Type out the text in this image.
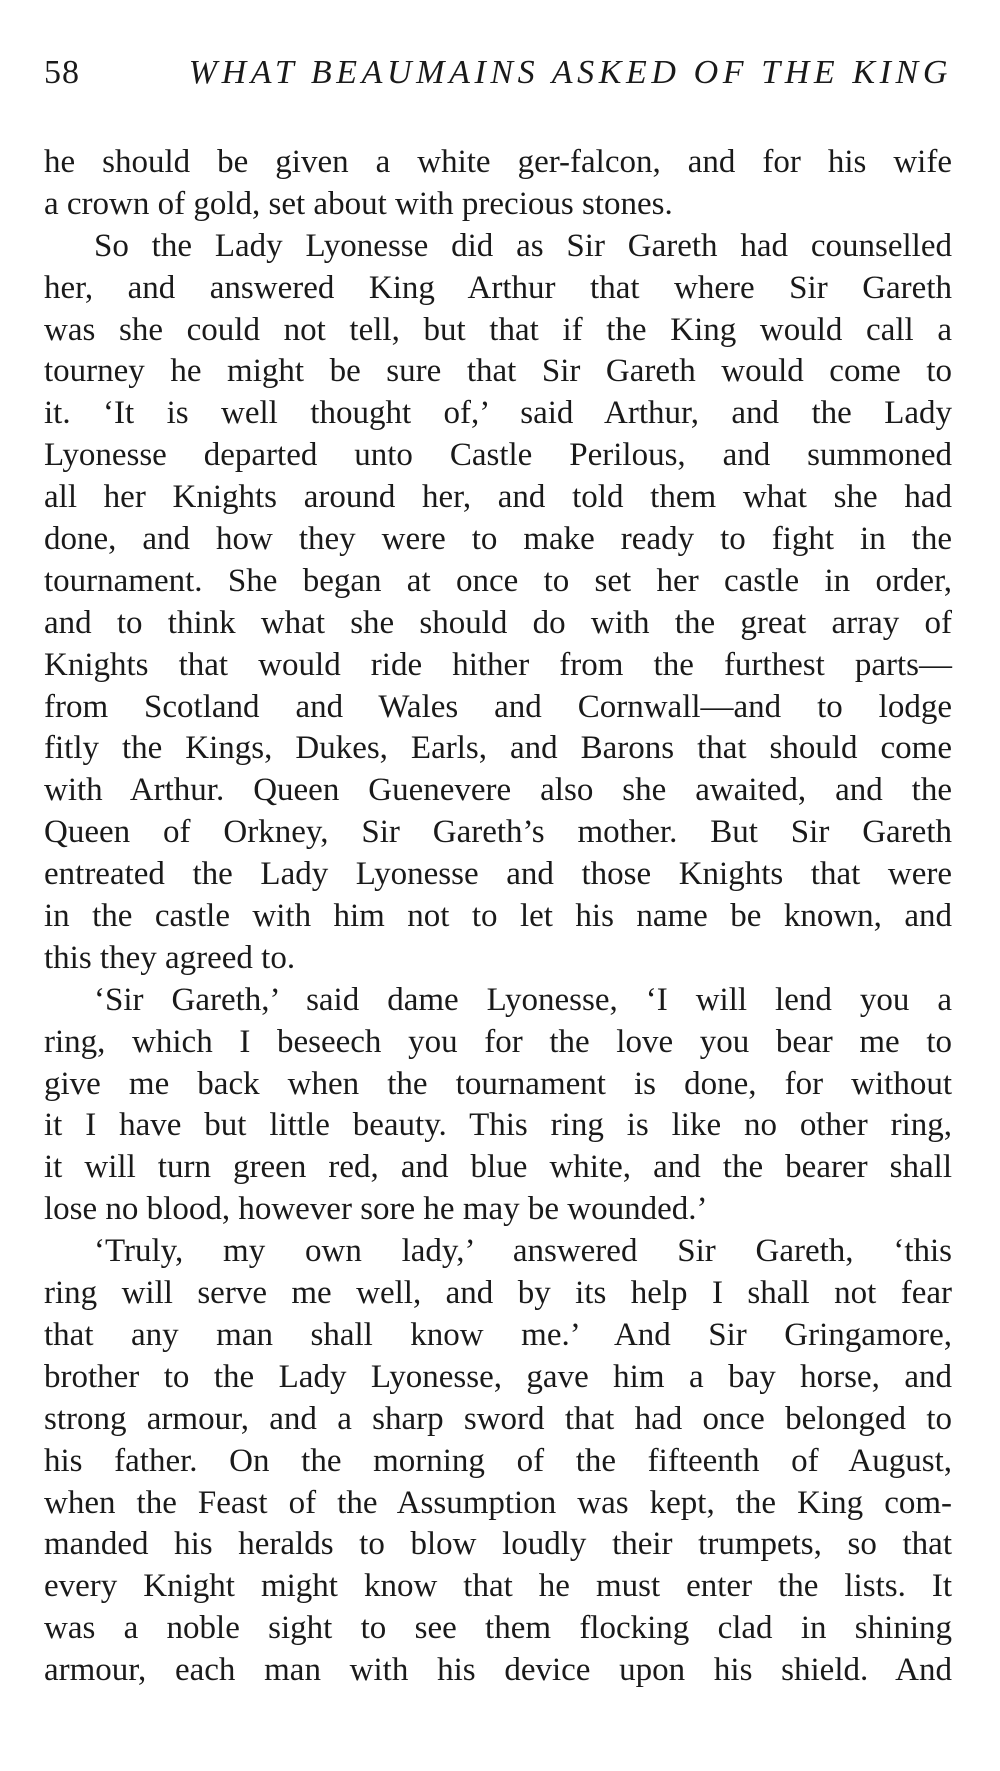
58	WHAT BEAUMAINS ASKED OF THE KING

he should be given a white ger-falcon, and for his wife
a crown of gold, set about with precious stones.

So the Lady Lyonesse did as Sir Gareth had counselled
her, and answered King Arthur that where Sir Gareth
was she could not tell, but that if the King would call a
tourney he might be sure that Sir Gareth would come to
it. ‘It is well thought of,’ said Arthur, and the Lady
Lyonesse departed unto Castle Perilous, and summoned
all her Knights around her, and told them what she had
done, and how they were to make ready to fight in the
tournament. She began at once to set her castle in order,
and to think what she should do with the great array of
Knights that would ride hither from the furthest parts—
from Scotland and Wales and Cornwall—and to lodge
fitly the Kings, Dukes, Earls, and Barons that should come
with Arthur. Queen Guenevere also she awaited, and the
Queen of Orkney, Sir Gareth’s mother. But Sir Gareth
entreated the Lady Lyonesse and those Knights that were
in the castle with him not to let his name be known, and
this they agreed to.

‘Sir Gareth,’ said dame Lyonesse, ‘I will lend you a
ring, which I beseech you for the love you bear me to
give me back when the tournament is done, for without
it I have but little beauty. This ring is like no other ring,
it will turn green red, and blue white, and the bearer shall
lose no blood, however sore he may be wounded.’

‘Truly, my own lady,’ answered Sir Gareth, ‘this
ring will serve me well, and by its help I shall not fear
that any man shall know me.’ And Sir Gringamore,
brother to the Lady Lyonesse, gave him a bay horse, and
strong armour, and a sharp sword that had once belonged to
his father. On the morning of the fifteenth of August,
when the Feast of the Assumption was kept, the King com-
manded his heralds to blow loudly their trumpets, so that
every Knight might know that he must enter the lists. It
was a noble sight to see them flocking clad in shining
armour, each man with his device upon his shield. And
